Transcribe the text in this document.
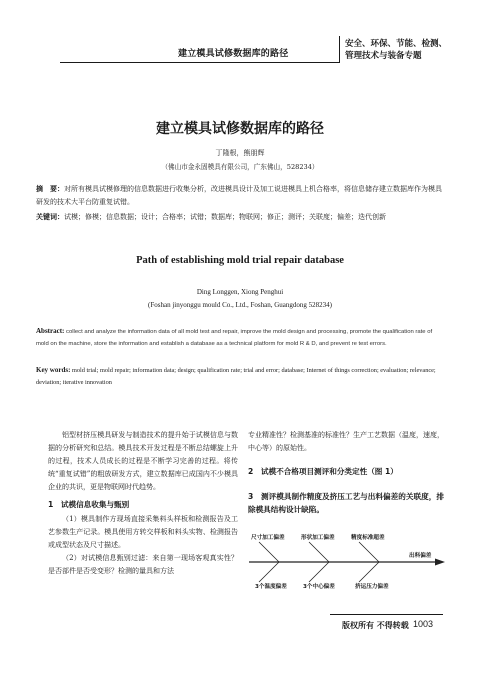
建立模具试修数据库的路径
安全、环保、节能、检测、
管理技术与装备专题
建立模具试修数据库的路径
丁隆根，熊朋辉
（佛山市金永固模具有限公司，广东佛山，528234）
摘　要：对所有模具试模修理的信息数据进行收集分析，改进模具设计及加工说进模具上机合格率，将信息储存建立数据库作为模具研发的技术大平台防重复试错。
关键词：试模；修模；信息数据；设计；合格率；试错；数据库；物联网；修正；测评；关联度；偏差；迭代创新
Path of establishing mold trial repair database
Ding Longgen, Xiong Penghui
(Foshan jinyonggu mould Co., Ltd., Foshan, Guangdong 528234)
Abstract: collect and analyze the information data of all mold test and repair, improve the mold design and processing, promote the qualification rate of mold on the machine, store the information and establish a database as a technical platform for mold R & D, and prevent re test errors.
Key words: mold trial; mold repair; information data; design; qualification rate; trial and error; database; Internet of things correction; evaluation; relevance; deviation; iterative innovation

铝型材挤压模具研发与制造技术的提升始于试模信息与数据的分析研究和总结。模具技术开发过程是不断总结螺旋上升的过程，技术人员成长的过程是不断学习完善的过程。将传统“重复试错”的粗放研发方式，建立数据库已成国内不少模具企业的共识，更是物联网时代趋势。

1　试模信息收集与甄别

（1）模具制作方现场直接采集料头样板和检测报告及工艺参数生产记录。模具使用方转交样板和料头实物、检测报告或成型状态及尺寸描述。

（2）对试模信息甄别过滤：来自第一现场客观真实性？是否部件是否受变形？检测的量具和方法

专业精准性？检测基准的标准性？生产工艺数据（温度，速度，中心等）的原始性。

2　试模不合格项目测评和分类定性（图 1）
3　测评模具制作精度及挤压工艺与出料偏差的关联度，排除模具结构设计缺陷。
尺寸加工偏差	形状加工偏差	精度标准超差
出料偏差
3个温度偏差	3个中心偏差	挤运压力偏差
版权所有 不得转载 1003
